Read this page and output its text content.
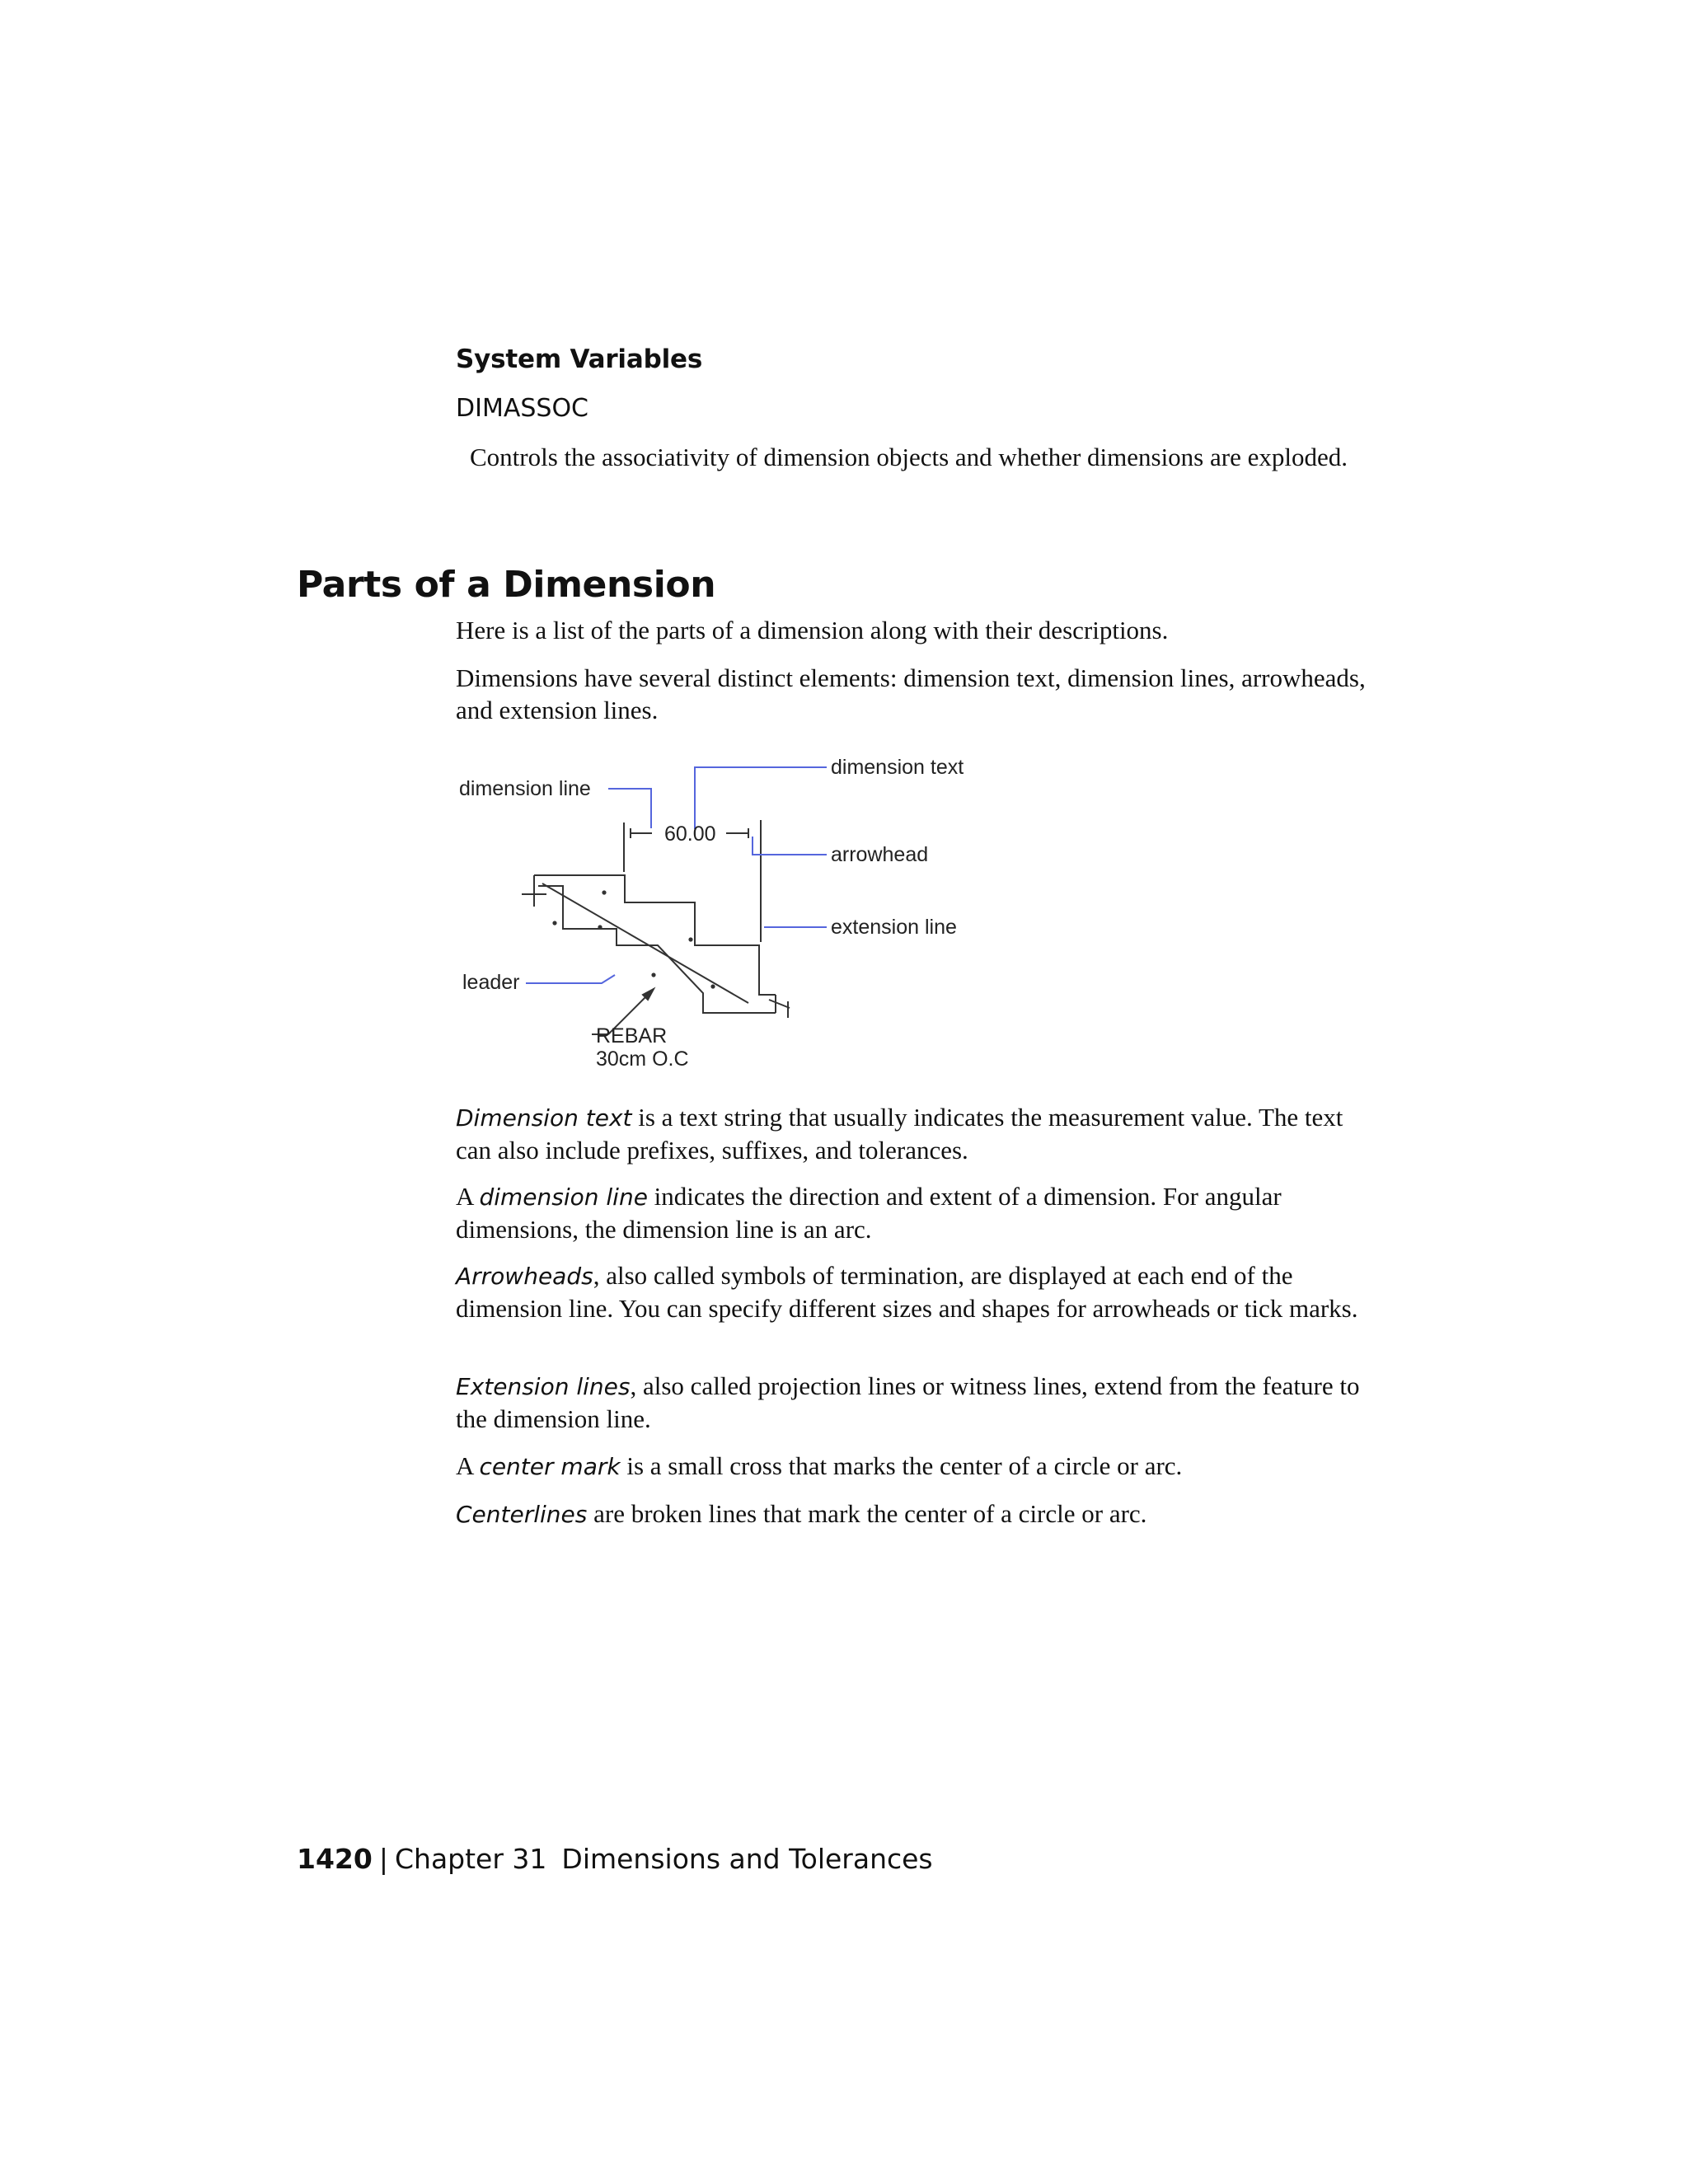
System Variables
DIMASSOC
Controls the associativity of dimension objects and whether dimensions are exploded.
Parts of a Dimension
Here is a list of the parts of a dimension along with their descriptions.
Dimensions have several distinct elements: dimension text, dimension lines, arrowheads, and extension lines.
dimension text
dimension line
60.00
arrowhead
extension line
leader
REBAR
30cm O.C
Dimension text is a text string that usually indicates the measurement value. The text can also include prefixes, suffixes, and tolerances.
A dimension line indicates the direction and extent of a dimension. For angular dimensions, the dimension line is an arc.
Arrowheads, also called symbols of termination, are displayed at each end of the dimension line. You can specify different sizes and shapes for arrowheads or tick marks.
Extension lines, also called projection lines or witness lines, extend from the feature to the dimension line.
A center mark is a small cross that marks the center of a circle or arc.
Centerlines are broken lines that mark the center of a circle or arc.
1420 | Chapter 31 Dimensions and Tolerances
